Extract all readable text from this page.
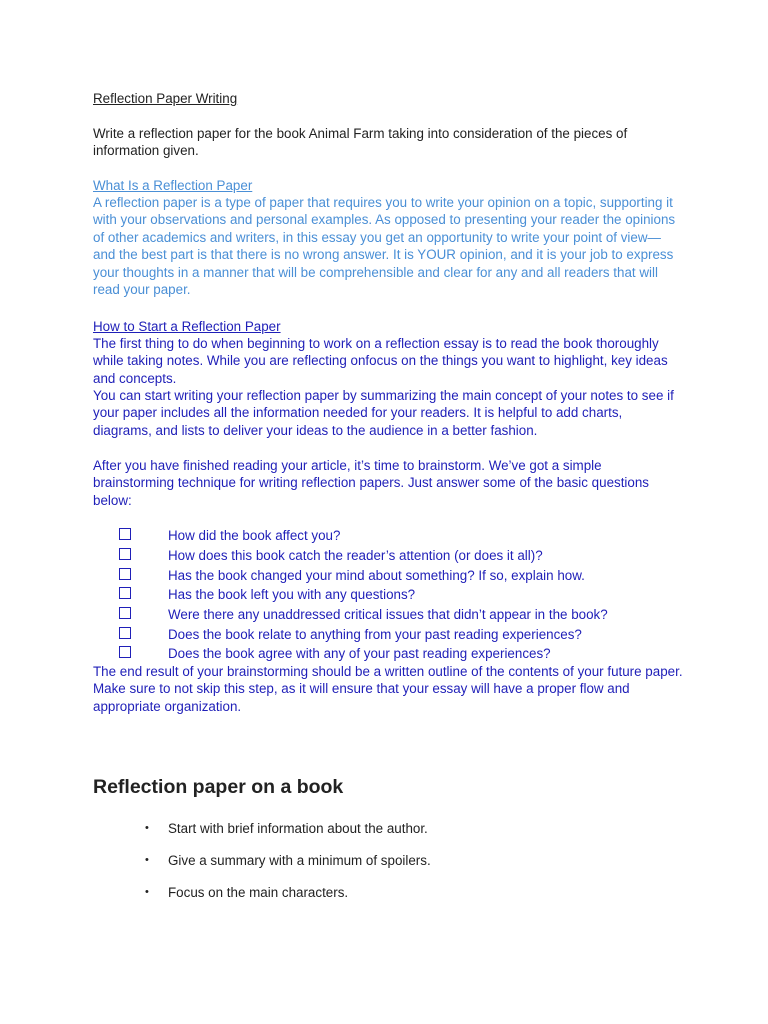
Reflection Paper Writing

Write a reflection paper for the book Animal Farm taking into consideration of the pieces of information given.

What Is a Reflection Paper

A reflection paper is a type of paper that requires you to write your opinion on a topic, supporting it with your observations and personal examples. As opposed to presenting your reader the opinions of other academics and writers, in this essay you get an opportunity to write your point of view—and the best part is that there is no wrong answer. It is YOUR opinion, and it is your job to express your thoughts in a manner that will be comprehensible and clear for any and all readers that will read your paper.

How to Start a Reflection Paper

The first thing to do when beginning to work on a reflection essay is to read the book thoroughly while taking notes. While you are reflecting onfocus on the things you want to highlight, key ideas and concepts.

You can start writing your reflection paper by summarizing the main concept of your notes to see if your paper includes all the information needed for your readers. It is helpful to add charts, diagrams, and lists to deliver your ideas to the audience in a better fashion.

After you have finished reading your article, it’s time to brainstorm. We’ve got a simple brainstorming technique for writing reflection papers. Just answer some of the basic questions below:

How did the book affect you?
How does this book catch the reader’s attention (or does it all)?
Has the book changed your mind about something? If so, explain how.
Has the book left you with any questions?
Were there any unaddressed critical issues that didn’t appear in the book?
Does the book relate to anything from your past reading experiences?
Does the book agree with any of your past reading experiences?

The end result of your brainstorming should be a written outline of the contents of your future paper. Make sure to not skip this step, as it will ensure that your essay will have a proper flow and appropriate organization.

Reflection paper on a book
• Start with brief information about the author.
• Give a summary with a minimum of spoilers.
• Focus on the main characters.
